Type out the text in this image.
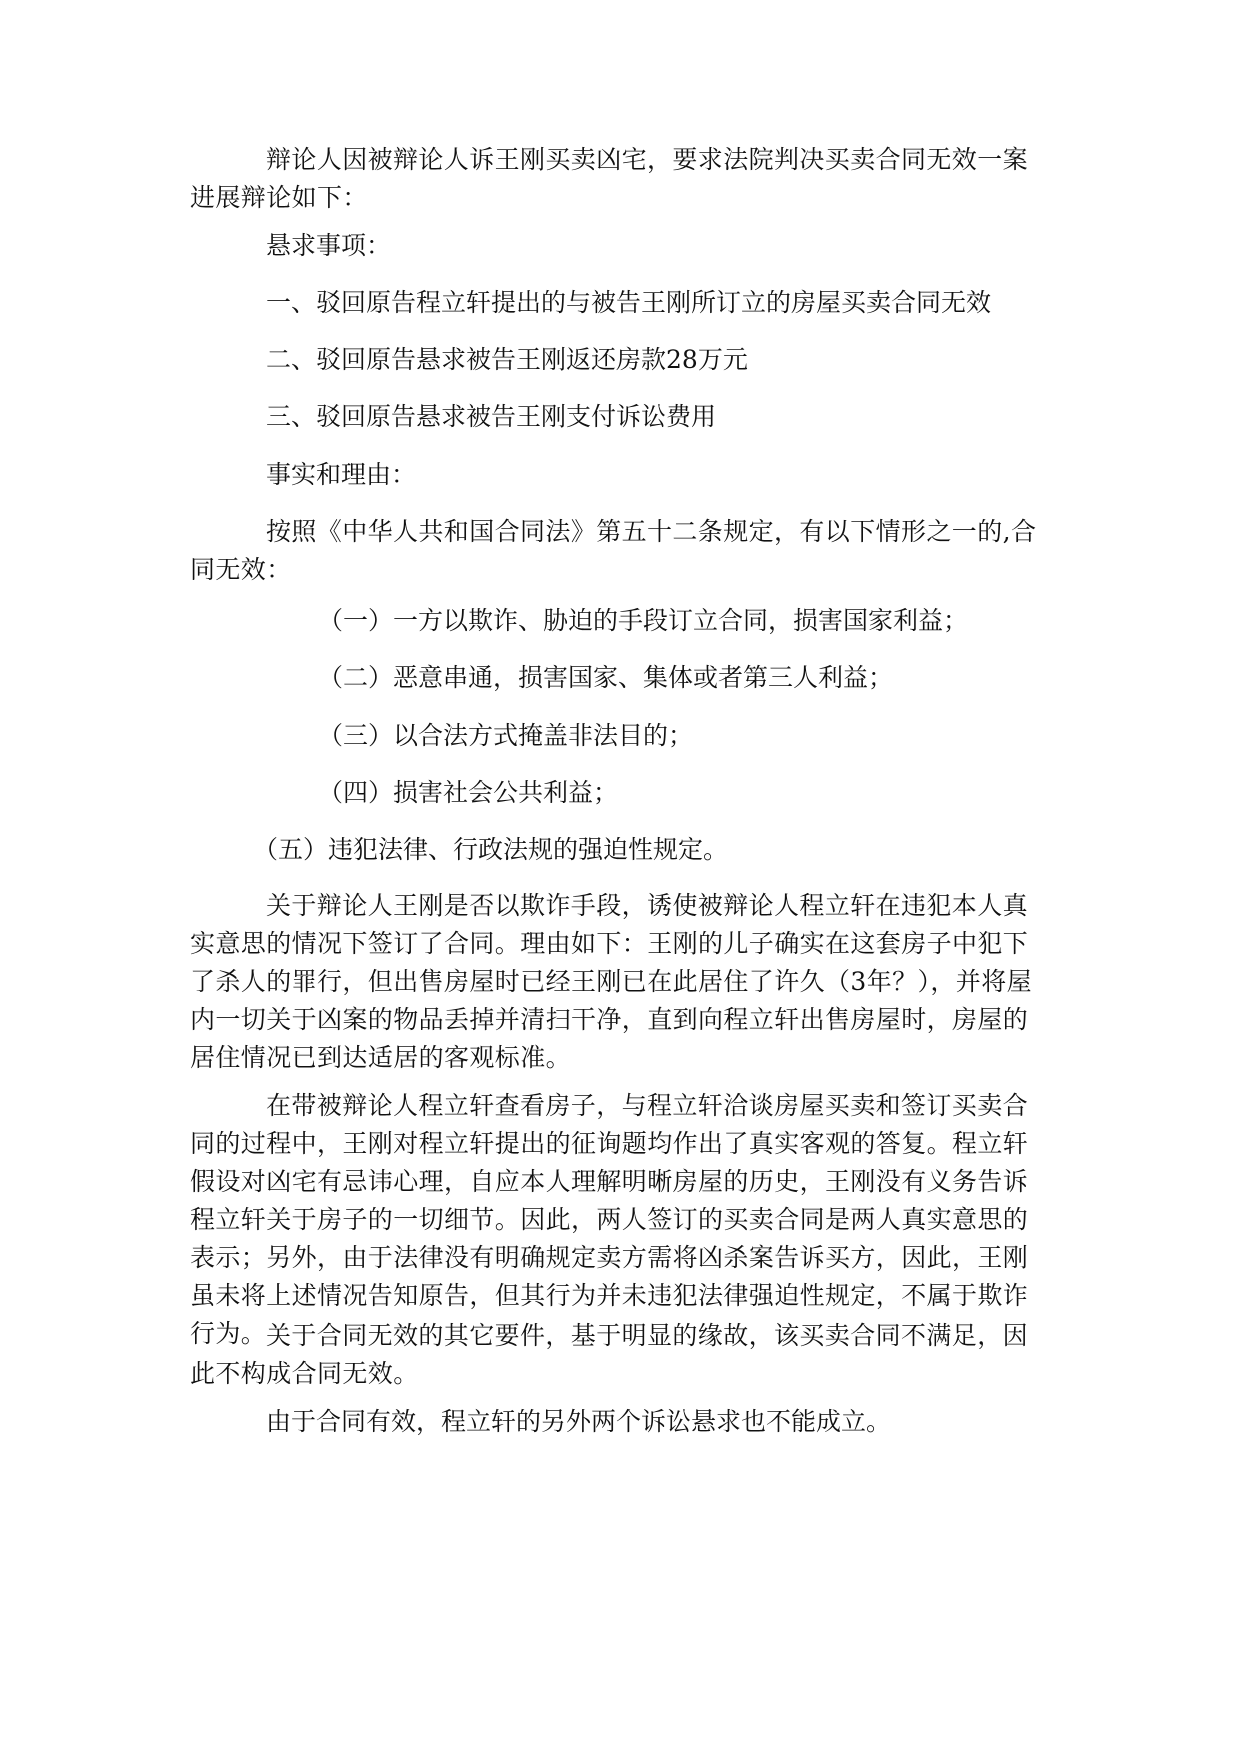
辩论人因被辩论人诉王刚买卖凶宅，要求法院判决买卖合同无效一案进展辩论如下：

悬求事项：

一、驳回原告程立轩提出的与被告王刚所订立的房屋买卖合同无效

二、驳回原告悬求被告王刚返还房款28万元

三、驳回原告悬求被告王刚支付诉讼费用

事实和理由：

按照《中华人共和国合同法》第五十二条规定，有以下情形之一的,合同无效：

（一）一方以欺诈、胁迫的手段订立合同，损害国家利益；

（二）恶意串通，损害国家、集体或者第三人利益；

（三）以合法方式掩盖非法目的；

（四）损害社会公共利益；

（五）违犯法律、行政法规的强迫性规定。

关于辩论人王刚是否以欺诈手段，诱使被辩论人程立轩在违犯本人真实意思的情况下签订了合同。理由如下：王刚的儿子确实在这套房子中犯下了杀人的罪行，但出售房屋时已经王刚已在此居住了许久（3年？），并将屋内一切关于凶案的物品丢掉并清扫干净，直到向程立轩出售房屋时，房屋的居住情况已到达适居的客观标准。

在带被辩论人程立轩查看房子，与程立轩洽谈房屋买卖和签订买卖合同的过程中，王刚对程立轩提出的征询题均作出了真实客观的答复。程立轩假设对凶宅有忌讳心理，自应本人理解明晰房屋的历史，王刚没有义务告诉程立轩关于房子的一切细节。因此，两人签订的买卖合同是两人真实意思的表示；另外，由于法律没有明确规定卖方需将凶杀案告诉买方，因此，王刚虽未将上述情况告知原告，但其行为并未违犯法律强迫性规定，不属于欺诈行为。 关于合同无效的其它要件，基于明显的缘故，该买卖合同不满足，因此不构成合同无效。

由于合同有效，程立轩的另外两个诉讼悬求也不能成立。
